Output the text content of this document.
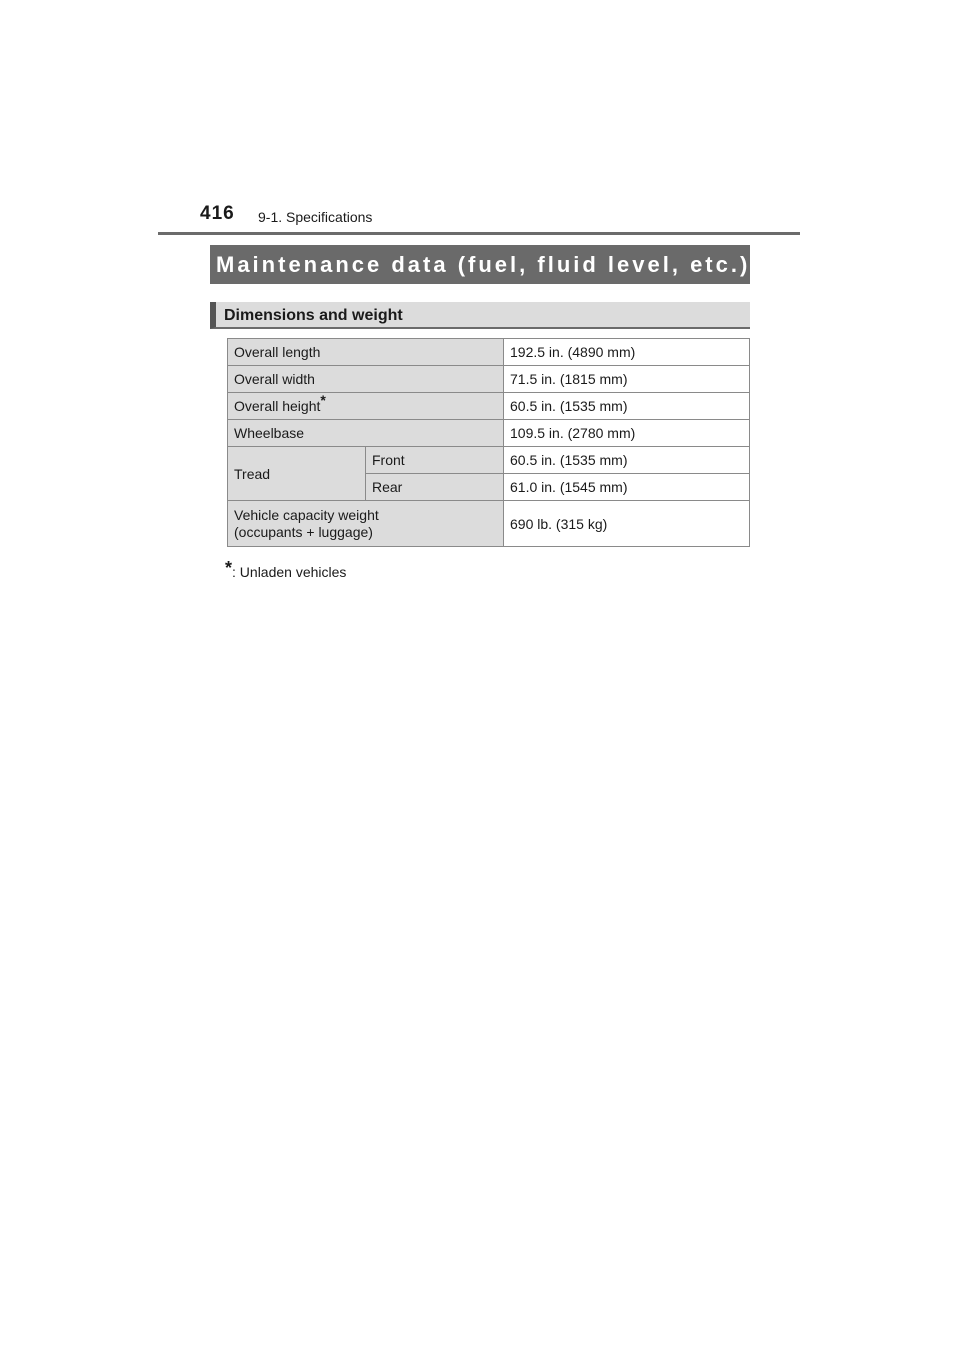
416 9-1. Specifications
Maintenance data (fuel, fluid level, etc.)
Dimensions and weight
Overall length		192.5 in. (4890 mm)
Overall width		71.5 in. (1815 mm)
Overall height*		60.5 in. (1535 mm)
Wheelbase		109.5 in. (2780 mm)
Tread	Front	60.5 in. (1535 mm)
	Rear	61.0 in. (1545 mm)

Vehicle capacity weight
(occupants + luggage)		690 lb. (315 kg)
*: Unladen vehicles
